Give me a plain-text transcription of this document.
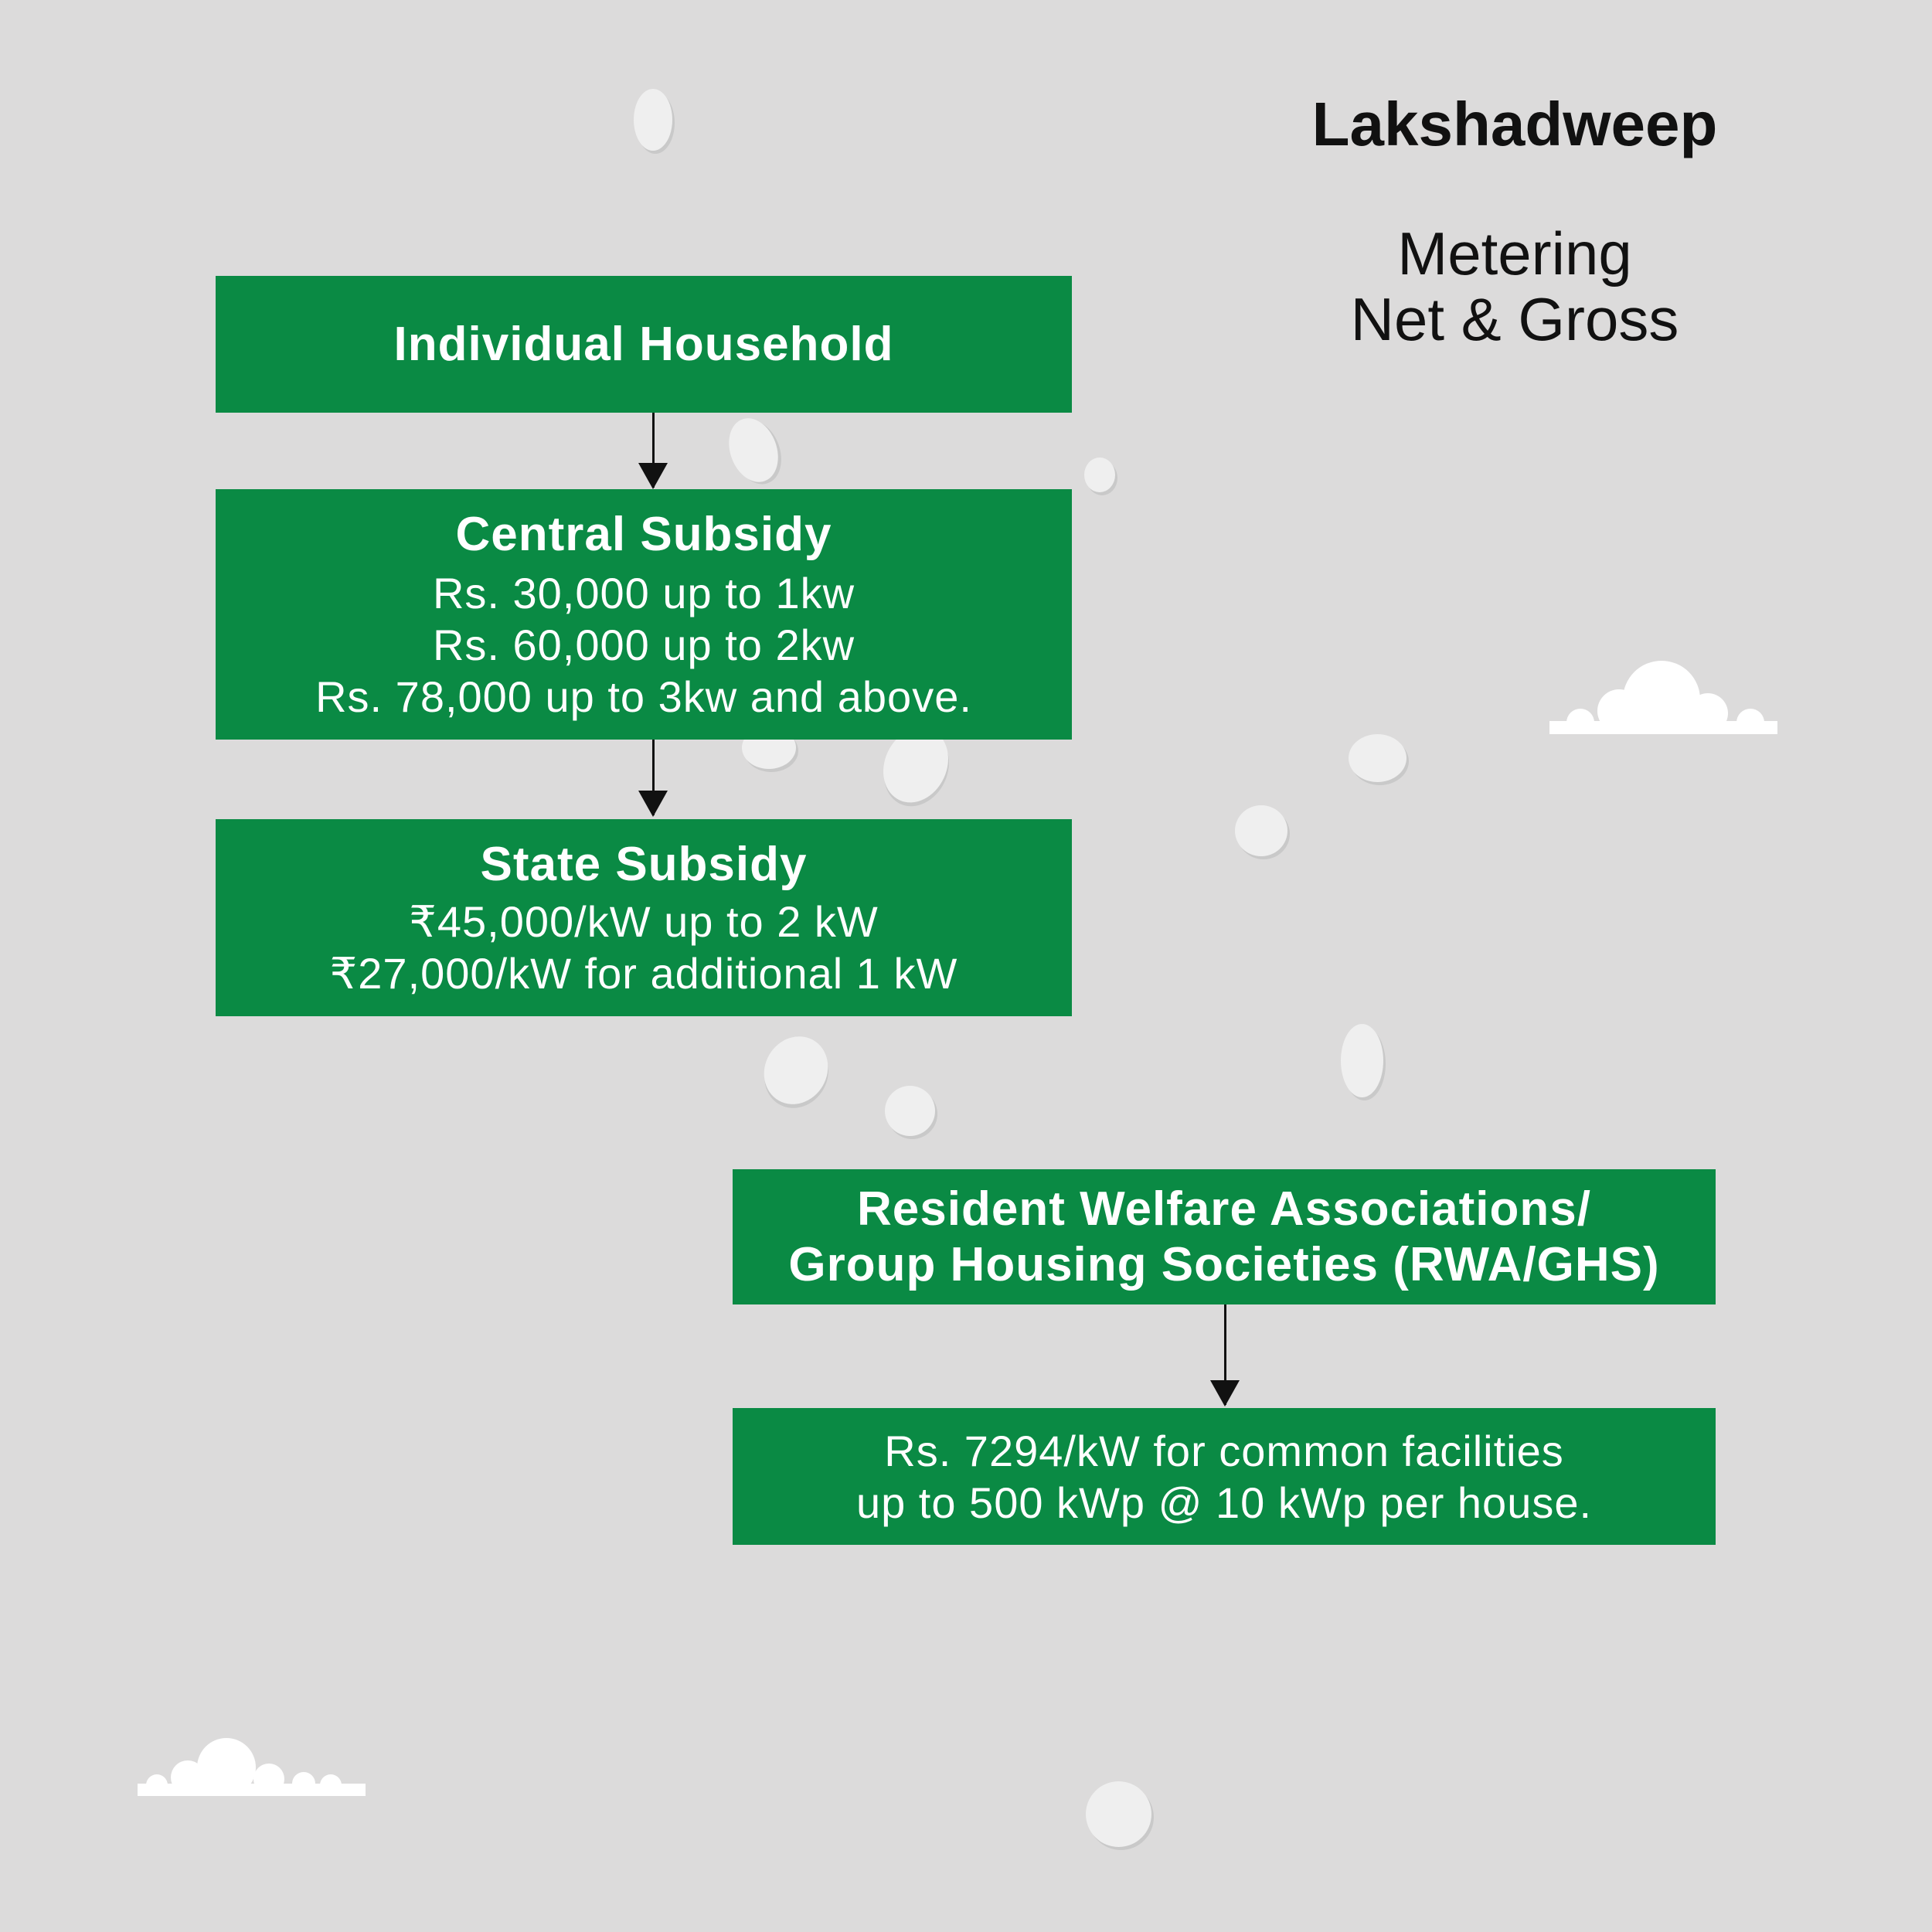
Lakshadweep
Metering
Net & Gross
Individual Household
Central Subsidy
Rs. 30,000 up to 1kw
Rs. 60,000 up to 2kw
Rs. 78,000 up to 3kw and above.
State Subsidy
₹45,000/kW up to 2 kW
₹27,000/kW for additional 1 kW
Resident Welfare Associations/
Group Housing Societies (RWA/GHS)
Rs. 7294/kW for common facilities
up to 500 kWp @ 10 kWp per house.
